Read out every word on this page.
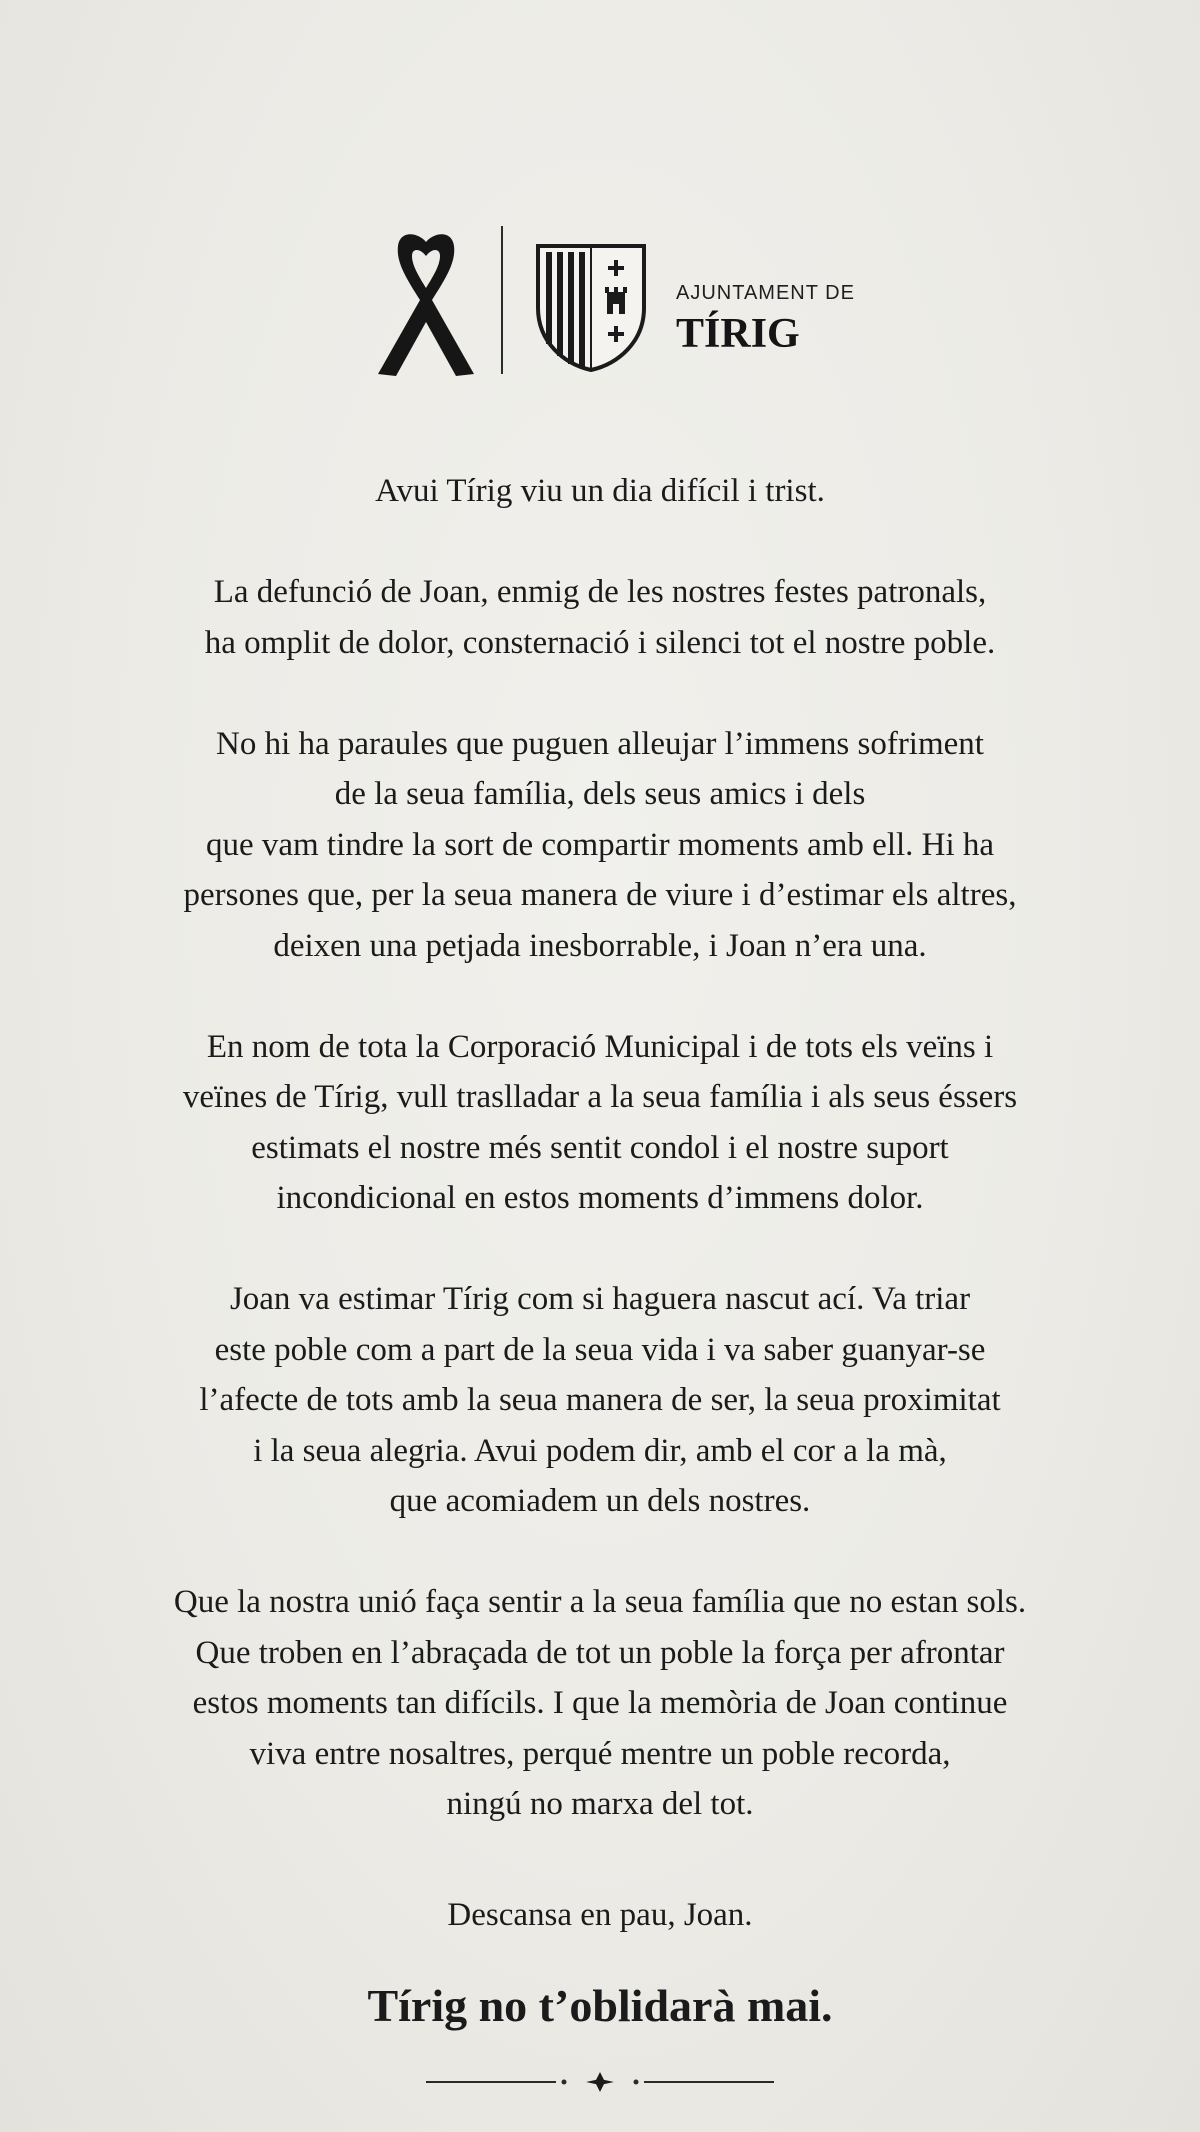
AJUNTAMENT DE
TÍRIG

Avui Tírig viu un dia difícil i trist.

La defunció de Joan, enmig de les nostres festes patronals,
ha omplit de dolor, consternació i silenci tot el nostre poble.

No hi ha paraules que puguen alleujar l’immens sofriment
de la seua família, dels seus amics i dels
que vam tindre la sort de compartir moments amb ell. Hi ha
persones que, per la seua manera de viure i d’estimar els altres,
deixen una petjada inesborrable, i Joan n’era una.

En nom de tota la Corporació Municipal i de tots els veïns i
veïnes de Tírig, vull traslladar a la seua família i als seus éssers
estimats el nostre més sentit condol i el nostre suport
incondicional en estos moments d’immens dolor.

Joan va estimar Tírig com si haguera nascut ací. Va triar
este poble com a part de la seua vida i va saber guanyar-se
l’afecte de tots amb la seua manera de ser, la seua proximitat
i la seua alegria. Avui podem dir, amb el cor a la mà,
que acomiadem un dels nostres.

Que la nostra unió faça sentir a la seua família que no estan sols.
Que troben en l’abraçada de tot un poble la força per afrontar
estos moments tan difícils. I que la memòria de Joan continue
viva entre nosaltres, perqué mentre un poble recorda,
ningú no marxa del tot.

Descansa en pau, Joan.
Tírig no t’oblidarà mai.
